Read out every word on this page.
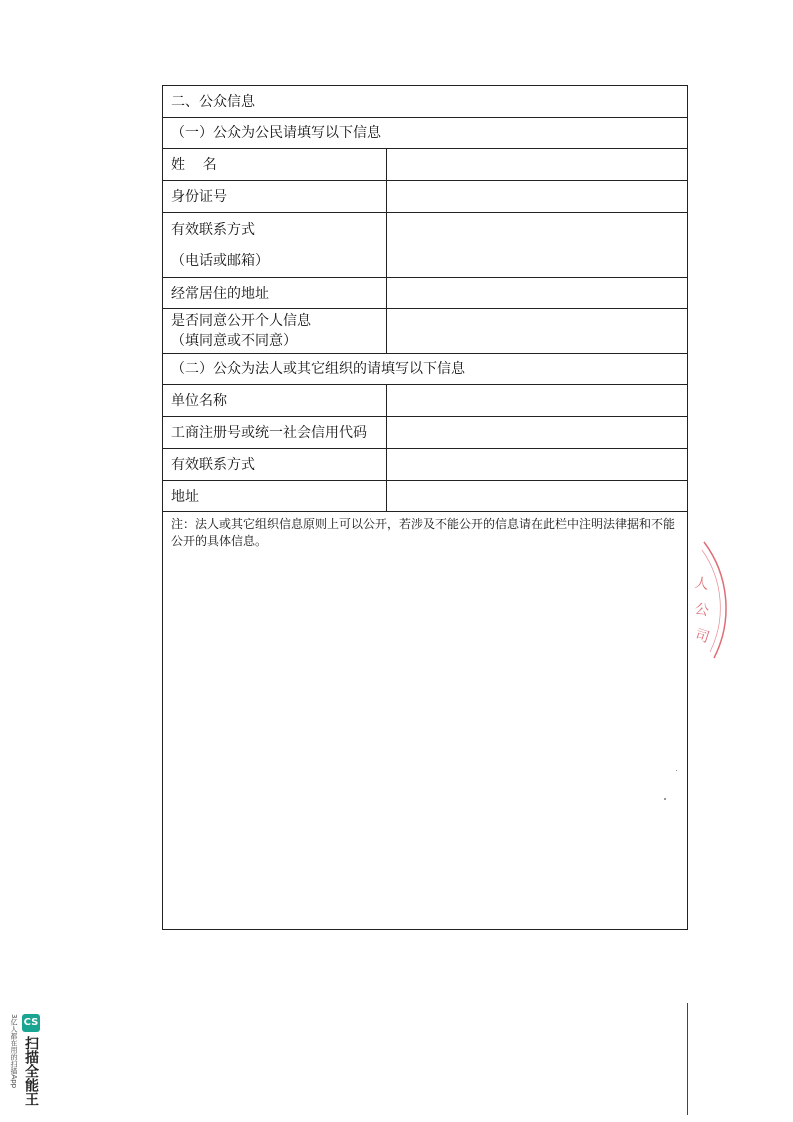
二、公众信息
（一）公众为公民请填写以下信息
姓    名
身份证号
有效联系方式
（电话或邮箱）
经常居住的地址
是否同意公开个人信息
（填同意或不同意）
（二）公众为法人或其它组织的请填写以下信息
单位名称
工商注册号或统一社会信用代码
有效联系方式
地址
注：法人或其它组织信息原则上可以公开，若涉及不能公开的信息请在此栏中注明法律据和不能公开的具体信息。
人
公
司
CS
扫描全能王
3亿人都在用的扫描App
